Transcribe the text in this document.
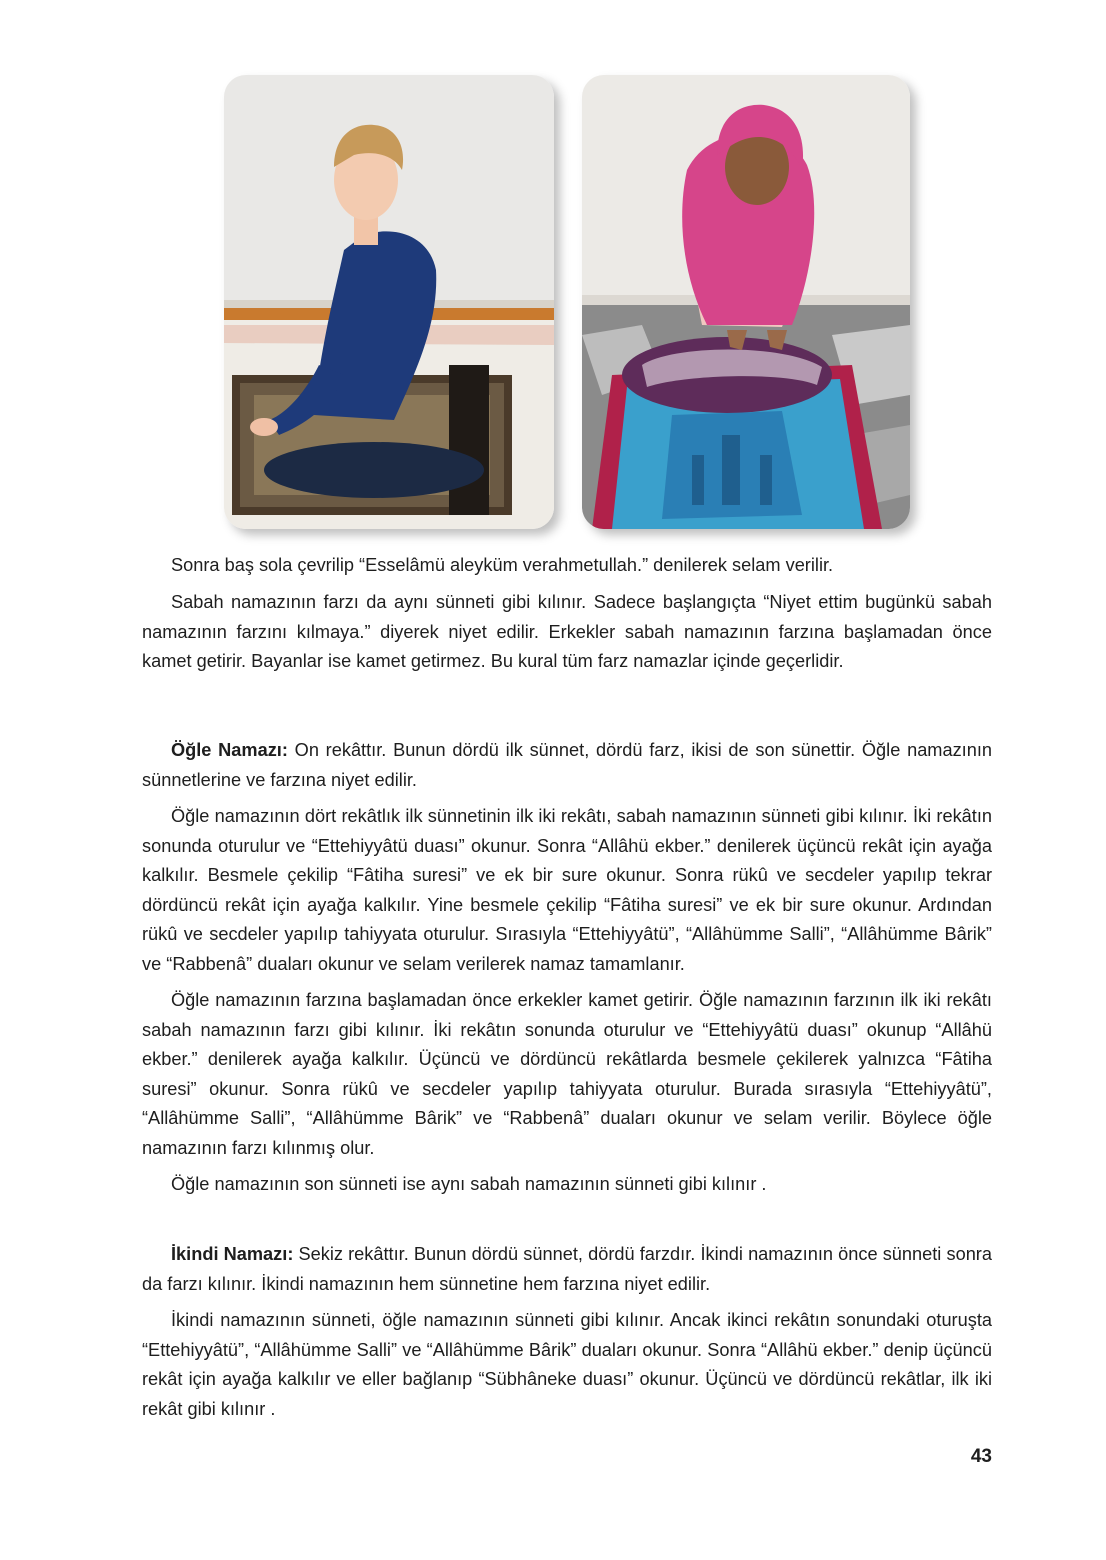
Sonra baş sola çevrilip “Esselâmü aleyküm verahmetullah.” denilerek selam verilir.

Sabah namazının farzı da aynı sünneti gibi kılınır. Sadece başlangıçta “Niyet ettim bugünkü sabah namazının farzını kılmaya.” diyerek niyet edilir. Erkekler sabah namazının farzına başlamadan önce kamet getirir. Bayanlar ise kamet getirmez. Bu kural tüm farz namazlar içinde geçerlidir.

Öğle Namazı: On rekâttır. Bunun dördü ilk sünnet, dördü farz, ikisi de son sünettir. Öğle namazının sünnetlerine ve farzına niyet edilir.

Öğle namazının dört rekâtlık ilk sünnetinin ilk iki rekâtı, sabah namazının sünneti gibi kılınır. İki rekâtın sonunda oturulur ve “Ettehiyyâtü duası” okunur. Sonra “Allâhü ekber.” denilerek üçüncü rekât için ayağa kalkılır. Besmele çekilip “Fâtiha suresi” ve ek bir sure okunur. Sonra rükû ve secdeler yapılıp tekrar dördüncü rekât için ayağa kalkılır. Yine besmele çekilip “Fâtiha suresi” ve ek bir sure okunur. Ardından rükû ve secdeler yapılıp tahiyyata oturulur. Sırasıyla “Ettehiyyâtü”, “Allâhümme Salli”, “Allâhümme Bârik” ve “Rabbenâ” duaları okunur ve selam verilerek namaz tamamlanır.

Öğle namazının farzına başlamadan önce erkekler kamet getirir. Öğle namazının farzının ilk iki rekâtı sabah namazının farzı gibi kılınır. İki rekâtın sonunda oturulur ve “Ettehiyyâtü duası” okunup “Allâhü ekber.” denilerek ayağa kalkılır. Üçüncü ve dördüncü rekâtlarda besmele çekilerek yalnızca “Fâtiha suresi” okunur. Sonra rükû ve secdeler yapılıp tahiyyata oturulur. Burada sırasıyla “Ettehiyyâtü”, “Allâhümme Salli”, “Allâhümme Bârik” ve “Rabbenâ” duaları okunur ve selam verilir. Böylece öğle namazının farzı kılınmış olur.

Öğle namazının son sünneti ise aynı sabah namazının sünneti gibi kılınır .

İkindi Namazı: Sekiz rekâttır. Bunun dördü sünnet, dördü farzdır. İkindi namazının önce sünneti sonra da farzı kılınır. İkindi namazının hem sünnetine hem farzına niyet edilir.

İkindi namazının sünneti, öğle namazının sünneti gibi kılınır. Ancak ikinci rekâtın sonundaki oturuşta “Ettehiyyâtü”, “Allâhümme Salli” ve “Allâhümme Bârik” duaları okunur. Sonra “Allâhü ekber.” denip üçüncü rekât için ayağa kalkılır ve eller bağlanıp “Sübhâneke duası” okunur. Üçüncü ve dördüncü rekâtlar, ilk iki rekât gibi kılınır .

43
